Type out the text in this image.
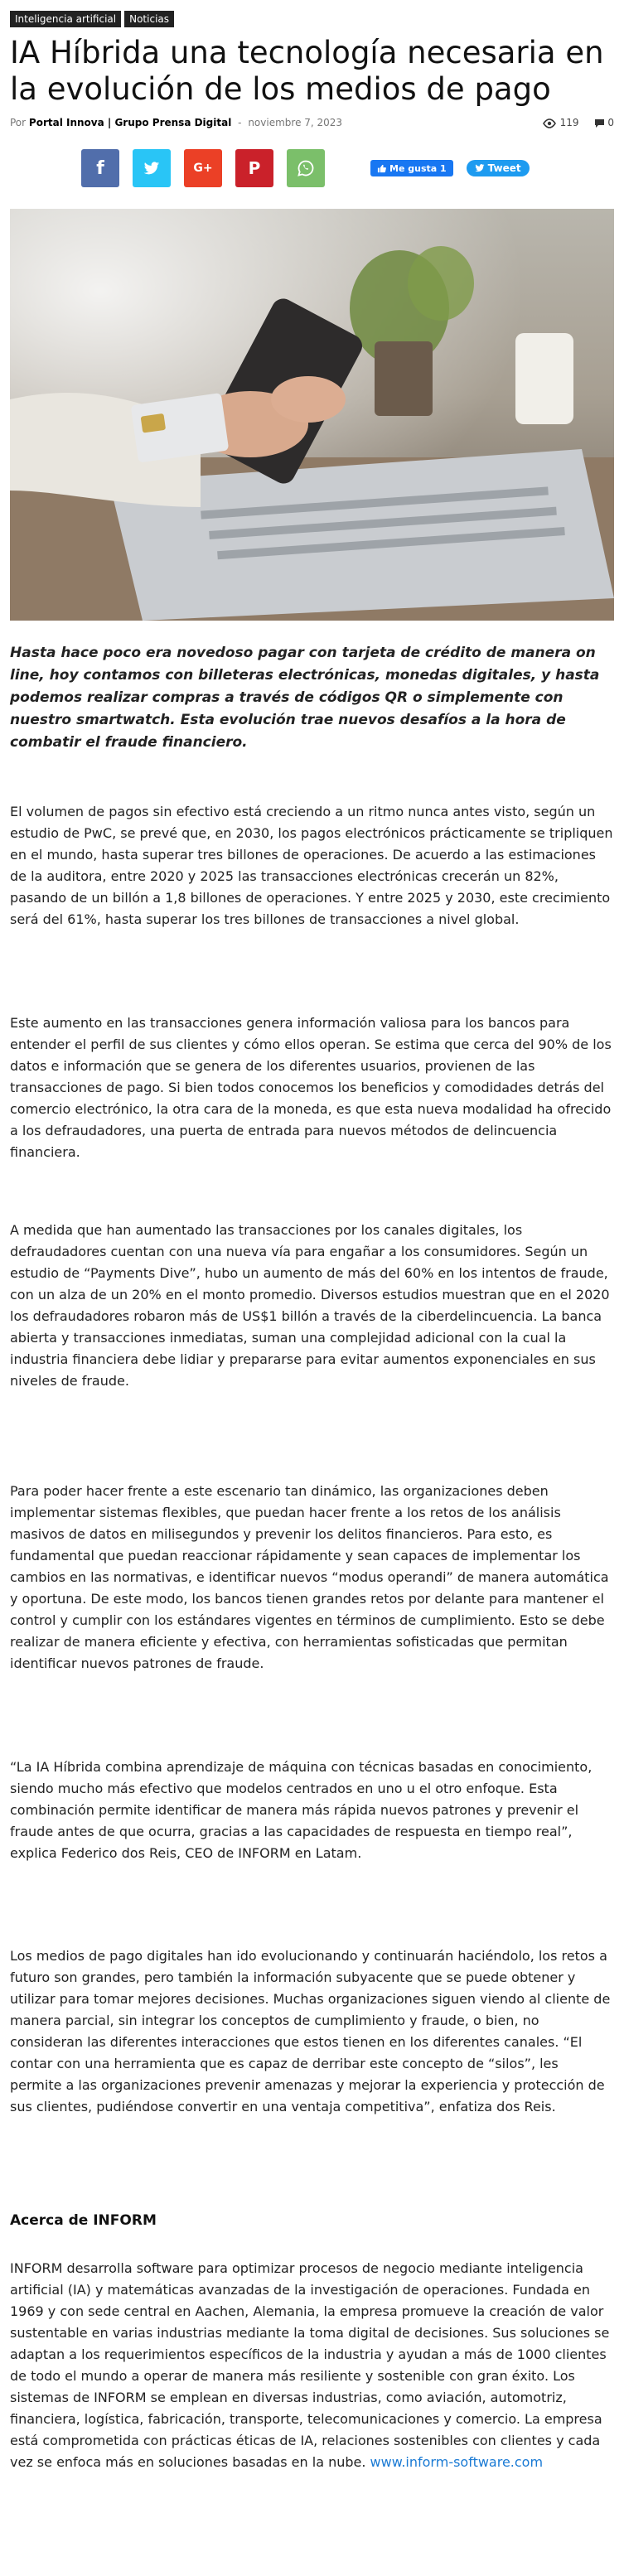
Inteligencia artificial	Noticias
IA Híbrida una tecnología necesaria en la evolución de los medios de pago
Por Portal Innova | Grupo Prensa Digital - noviembre 7, 2023	119	0
f	G+ P	Me gusta 1	Tweet

Hasta hace poco era novedoso pagar con tarjeta de crédito de manera on line, hoy contamos con billeteras electrónicas, monedas digitales, y hasta podemos realizar compras a través de códigos QR o simplemente con nuestro smartwatch. Esta evolución trae nuevos desafíos a la hora de combatir el fraude financiero.

El volumen de pagos sin efectivo está creciendo a un ritmo nunca antes visto, según un estudio de PwC, se prevé que, en 2030, los pagos electrónicos prácticamente se tripliquen en el mundo, hasta superar tres billones de operaciones. De acuerdo a las estimaciones de la auditora, entre 2020 y 2025 las transacciones electrónicas crecerán un 82%, pasando de un billón a 1,8 billones de operaciones. Y entre 2025 y 2030, este crecimiento será del 61%, hasta superar los tres billones de transacciones a nivel global.

Este aumento en las transacciones genera información valiosa para los bancos para entender el perfil de sus clientes y cómo ellos operan. Se estima que cerca del 90% de los datos e información que se genera de los diferentes usuarios, provienen de las transacciones de pago. Si bien todos conocemos los beneficios y comodidades detrás del comercio electrónico, la otra cara de la moneda, es que esta nueva modalidad ha ofrecido a los defraudadores, una puerta de entrada para nuevos métodos de delincuencia financiera.

A medida que han aumentado las transacciones por los canales digitales, los defraudadores cuentan con una nueva vía para engañar a los consumidores. Según un estudio de “Payments Dive”, hubo un aumento de más del 60% en los intentos de fraude, con un alza de un 20% en el monto promedio. Diversos estudios muestran que en el 2020 los defraudadores robaron más de US$1 billón a través de la ciberdelincuencia. La banca abierta y transacciones inmediatas, suman una complejidad adicional con la cual la industria financiera debe lidiar y prepararse para evitar aumentos exponenciales en sus niveles de fraude.

Para poder hacer frente a este escenario tan dinámico, las organizaciones deben implementar sistemas flexibles, que puedan hacer frente a los retos de los análisis masivos de datos en milisegundos y prevenir los delitos financieros. Para esto, es fundamental que puedan reaccionar rápidamente y sean capaces de implementar los cambios en las normativas, e identificar nuevos “modus operandi” de manera automática y oportuna. De este modo, los bancos tienen grandes retos por delante para mantener el control y cumplir con los estándares vigentes en términos de cumplimiento. Esto se debe realizar de manera eficiente y efectiva, con herramientas sofisticadas que permitan identificar nuevos patrones de fraude.

“La IA Híbrida combina aprendizaje de máquina con técnicas basadas en conocimiento, siendo mucho más efectivo que modelos centrados en uno u el otro enfoque. Esta combinación permite identificar de manera más rápida nuevos patrones y prevenir el fraude antes de que ocurra, gracias a las capacidades de respuesta en tiempo real”, explica Federico dos Reis, CEO de INFORM en Latam.

Los medios de pago digitales han ido evolucionando y continuarán haciéndolo, los retos a futuro son grandes, pero también la información subyacente que se puede obtener y utilizar para tomar mejores decisiones. Muchas organizaciones siguen viendo al cliente de manera parcial, sin integrar los conceptos de cumplimiento y fraude, o bien, no consideran las diferentes interacciones que estos tienen en los diferentes canales. “El contar con una herramienta que es capaz de derribar este concepto de “silos”, les permite a las organizaciones prevenir amenazas y mejorar la experiencia y protección de sus clientes, pudiéndose convertir en una ventaja competitiva”, enfatiza dos Reis.

Acerca de INFORM

INFORM desarrolla software para optimizar procesos de negocio mediante inteligencia artificial (IA) y matemáticas avanzadas de la investigación de operaciones. Fundada en 1969 y con sede central en Aachen, Alemania, la empresa promueve la creación de valor sustentable en varias industrias mediante la toma digital de decisiones. Sus soluciones se adaptan a los requerimientos específicos de la industria y ayudan a más de 1000 clientes de todo el mundo a operar de manera más resiliente y sostenible con gran éxito. Los sistemas de INFORM se emplean en diversas industrias, como aviación, automotriz, financiera, logística, fabricación, transporte, telecomunicaciones y comercio. La empresa está comprometida con prácticas éticas de IA, relaciones sostenibles con clientes y cada vez se enfoca más en soluciones basadas en la nube. www.inform-software.com
